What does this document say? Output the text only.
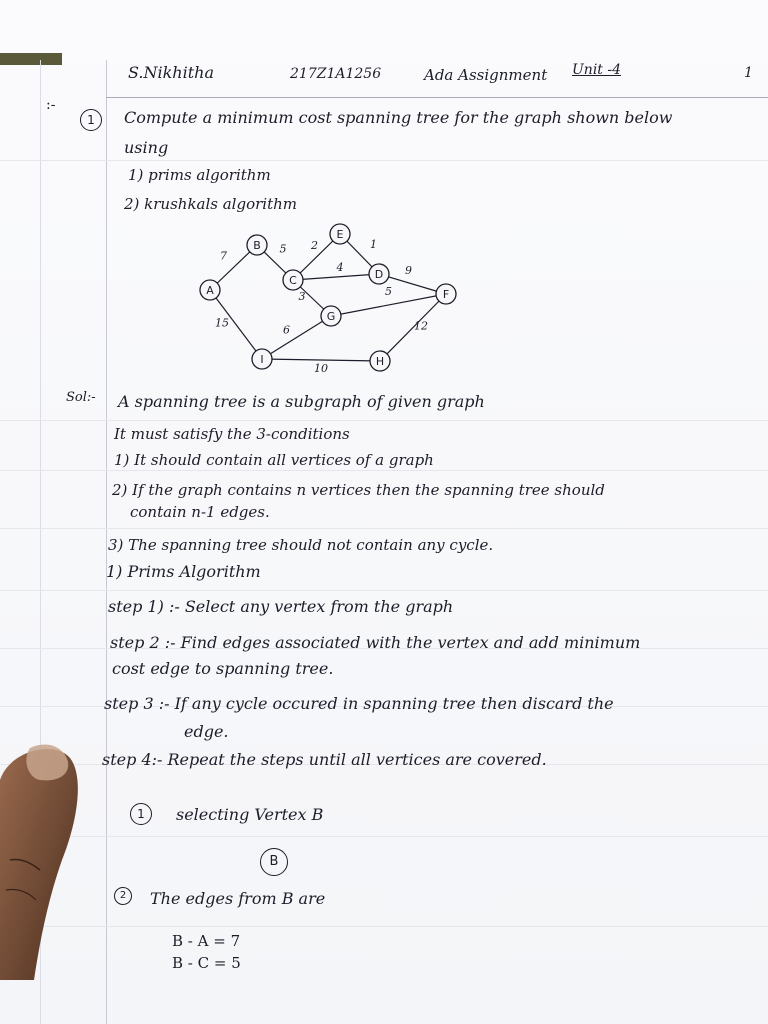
S.Nikhitha	217Z1A1256	Ada Assignment Unit -4	1
:-
1	Compute a minimum cost spanning tree for the graph shown below
using
1) prims algorithm
2) krushkals algorithm
7
5 2	1
4	9
3	5
12
15
6
10
A
B
C
E
D
F
G
I	H
Sol:- A spanning tree is a subgraph of given graph
It must satisfy the 3-conditions
1) It should contain all vertices of a graph
2) If the graph contains n vertices then the spanning tree should
contain n-1 edges.
3) The spanning tree should not contain any cycle.
1) Prims Algorithm
step 1) :- Select any vertex from the graph
step 2 :- Find edges associated with the vertex and add minimum
cost edge to spanning tree.
step 3 :- If any cycle occured in spanning tree then discard the
edge.
step 4:- Repeat the steps until all vertices are covered.
1	selecting Vertex B
B
2	The edges from B are
B - A = 7
B - C = 5
